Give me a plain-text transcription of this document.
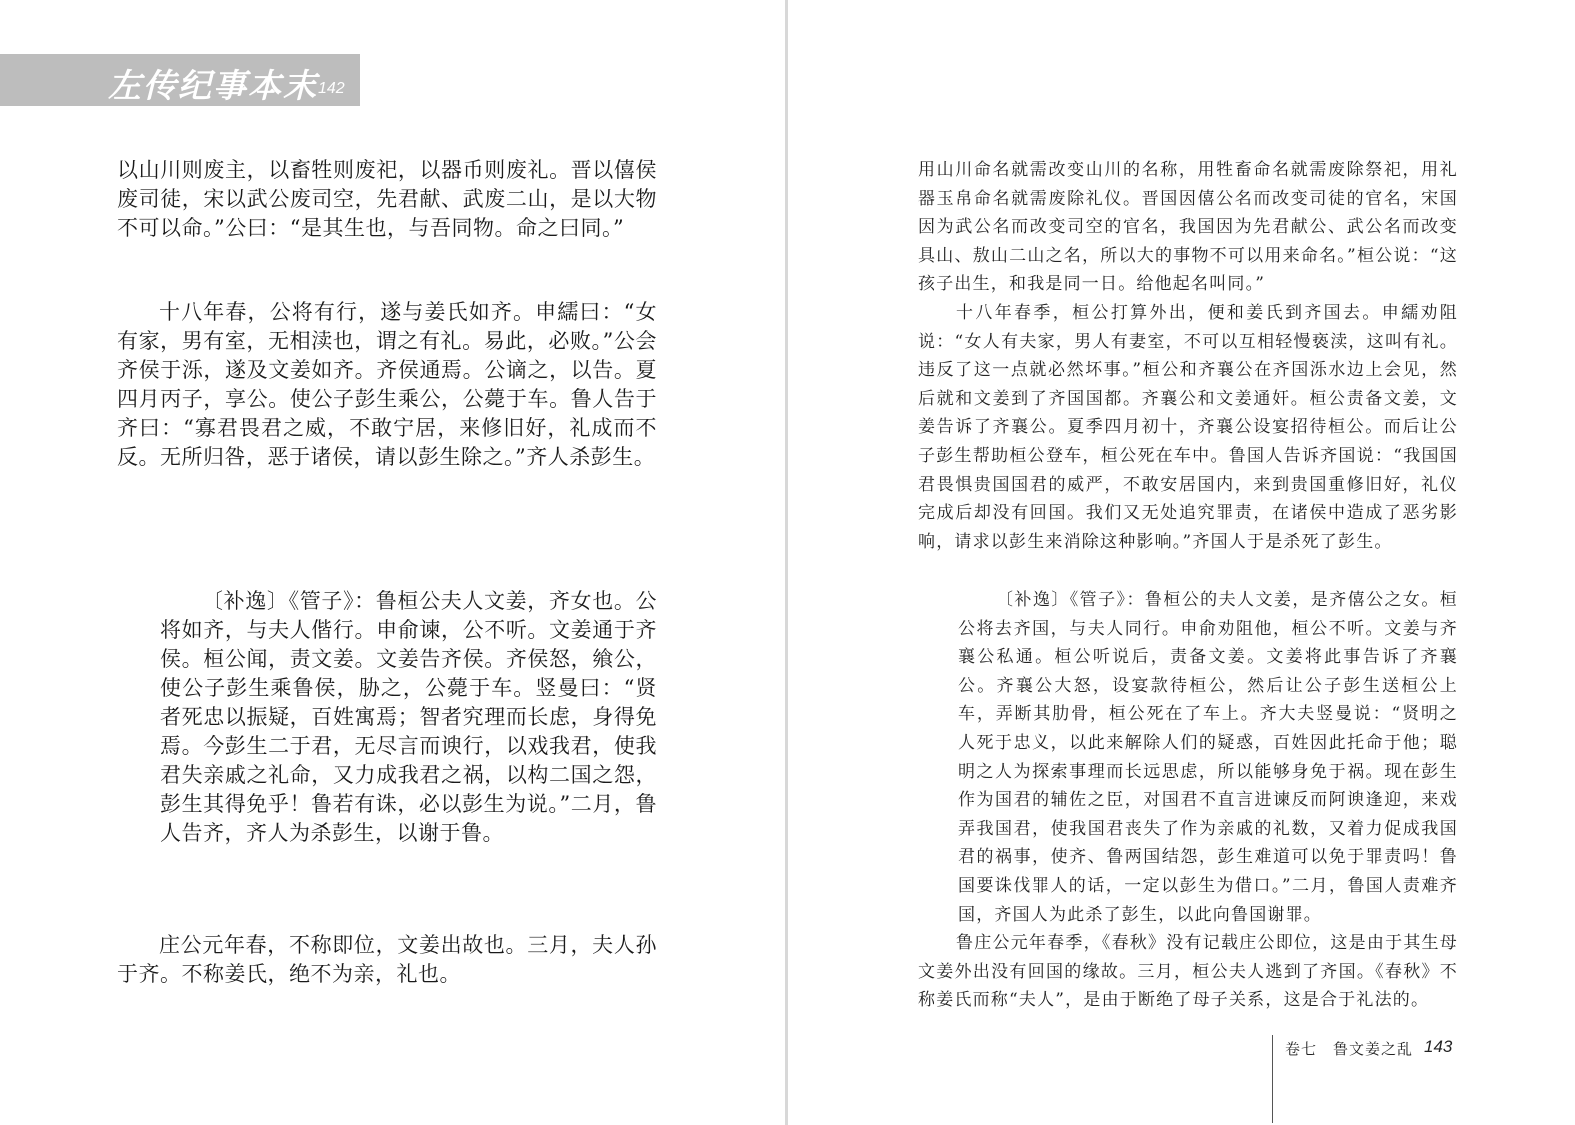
左传纪事本末 142

以山川则废主，以畜牲则废祀，以器币则废礼。晋以僖侯废司徒，宋以武公废司空，先君献、武废二山，是以大物不可以命。”公曰：“是其生也，与吾同物。命之曰同。”

十八年春，公将有行，遂与姜氏如齐。申繻曰：“女有家，男有室，无相渎也，谓之有礼。易此，必败。”公会齐侯于泺，遂及文姜如齐。齐侯通焉。公谪之，以告。夏四月丙子，享公。使公子彭生乘公，公薨于车。鲁人告于齐曰：“寡君畏君之威，不敢宁居，来修旧好，礼成而不反。无所归咎，恶于诸侯，请以彭生除之。”齐人杀彭生。

〔补逸〕《管子》：鲁桓公夫人文姜，齐女也。公将如齐，与夫人偕行。申俞谏，公不听。文姜通于齐侯。桓公闻，责文姜。文姜告齐侯。齐侯怒，飨公，使公子彭生乘鲁侯，胁之，公薨于车。竖曼曰：“贤者死忠以振疑，百姓寓焉；智者究理而长虑，身得免焉。今彭生二于君，无尽言而谀行，以戏我君，使我君失亲戚之礼命，又力成我君之祸，以构二国之怨，彭生其得免乎！鲁若有诛，必以彭生为说。”二月，鲁人告齐，齐人为杀彭生，以谢于鲁。

庄公元年春，不称即位，文姜出故也。三月，夫人孙于齐。不称姜氏，绝不为亲，礼也。

用山川命名就需改变山川的名称，用牲畜命名就需废除祭祀，用礼器玉帛命名就需废除礼仪。晋国因僖公名而改变司徒的官名，宋国因为武公名而改变司空的官名，我国因为先君献公、武公名而改变具山、敖山二山之名，所以大的事物不可以用来命名。”桓公说：“这孩子出生，和我是同一日。给他起名叫同。”

十八年春季，桓公打算外出，便和姜氏到齐国去。申繻劝阻说：“女人有夫家，男人有妻室，不可以互相轻慢亵渎，这叫有礼。违反了这一点就必然坏事。”桓公和齐襄公在齐国泺水边上会见，然后就和文姜到了齐国国都。齐襄公和文姜通奸。桓公责备文姜，文姜告诉了齐襄公。夏季四月初十，齐襄公设宴招待桓公。而后让公子彭生帮助桓公登车，桓公死在车中。鲁国人告诉齐国说：“我国国君畏惧贵国国君的威严，不敢安居国内，来到贵国重修旧好，礼仪完成后却没有回国。我们又无处追究罪责，在诸侯中造成了恶劣影响，请求以彭生来消除这种影响。”齐国人于是杀死了彭生。

〔补逸〕《管子》：鲁桓公的夫人文姜，是齐僖公之女。桓公将去齐国，与夫人同行。申俞劝阻他，桓公不听。文姜与齐襄公私通。桓公听说后，责备文姜。文姜将此事告诉了齐襄公。齐襄公大怒，设宴款待桓公，然后让公子彭生送桓公上车，弄断其肋骨，桓公死在了车上。齐大夫竖曼说：“贤明之人死于忠义，以此来解除人们的疑惑，百姓因此托命于他；聪明之人为探索事理而长远思虑，所以能够身免于祸。现在彭生作为国君的辅佐之臣，对国君不直言进谏反而阿谀逢迎，来戏弄我国君，使我国君丧失了作为亲戚的礼数，又着力促成我国君的祸事，使齐、鲁两国结怨，彭生难道可以免于罪责吗！鲁国要诛伐罪人的话，一定以彭生为借口。”二月，鲁国人责难齐国，齐国人为此杀了彭生，以此向鲁国谢罪。

鲁庄公元年春季，《春秋》没有记载庄公即位，这是由于其生母文姜外出没有回国的缘故。三月，桓公夫人逃到了齐国。《春秋》不称姜氏而称“夫人”，是由于断绝了母子关系，这是合于礼法的。

卷七　鲁文姜之乱 143
